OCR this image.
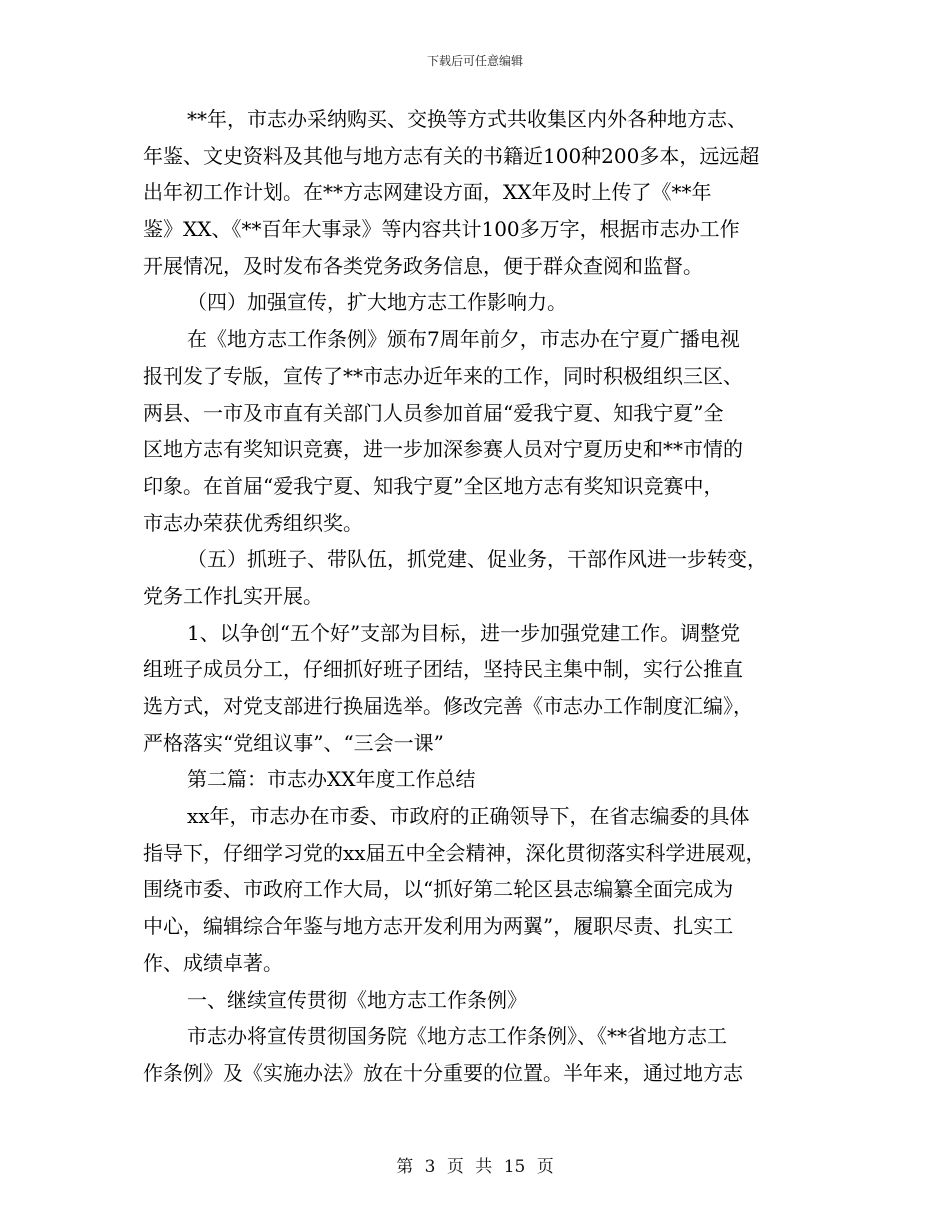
下载后可任意编辑
**年，市志办采纳购买、交换等方式共收集区内外各种地方志、
年鉴、文史资料及其他与地方志有关的书籍近100种200多本，远远超
出年初工作计划。在**方志网建设方面，XX年及时上传了《**年
鉴》XX、《**百年大事录》等内容共计100多万字，根据市志办工作
开展情况，及时发布各类党务政务信息，便于群众查阅和监督。
（四）加强宣传，扩大地方志工作影响力。
在《地方志工作条例》颁布7周年前夕，市志办在宁夏广播电视
报刊发了专版，宣传了**市志办近年来的工作，同时积极组织三区、
两县、一市及市直有关部门人员参加首届“爱我宁夏、知我宁夏”全
区地方志有奖知识竞赛，进一步加深参赛人员对宁夏历史和**市情的
印象。在首届“爱我宁夏、知我宁夏”全区地方志有奖知识竞赛中，
市志办荣获优秀组织奖。
（五）抓班子、带队伍，抓党建、促业务，干部作风进一步转变，
党务工作扎实开展。
1、以争创“五个好”支部为目标，进一步加强党建工作。调整党
组班子成员分工，仔细抓好班子团结，坚持民主集中制，实行公推直
选方式，对党支部进行换届选举。修改完善《市志办工作制度汇编》，
严格落实“党组议事”、“三会一课”
第二篇：市志办XX年度工作总结
xx年，市志办在市委、市政府的正确领导下，在省志编委的具体
指导下，仔细学习党的xx届五中全会精神，深化贯彻落实科学进展观，
围绕市委、市政府工作大局，以“抓好第二轮区县志编纂全面完成为
中心，编辑综合年鉴与地方志开发利用为两翼”，履职尽责、扎实工
作、成绩卓著。
一、继续宣传贯彻《地方志工作条例》
市志办将宣传贯彻国务院《地方志工作条例》、《**省地方志工
作条例》及《实施办法》放在十分重要的位置。半年来，通过地方志
第 3 页 共 15 页
